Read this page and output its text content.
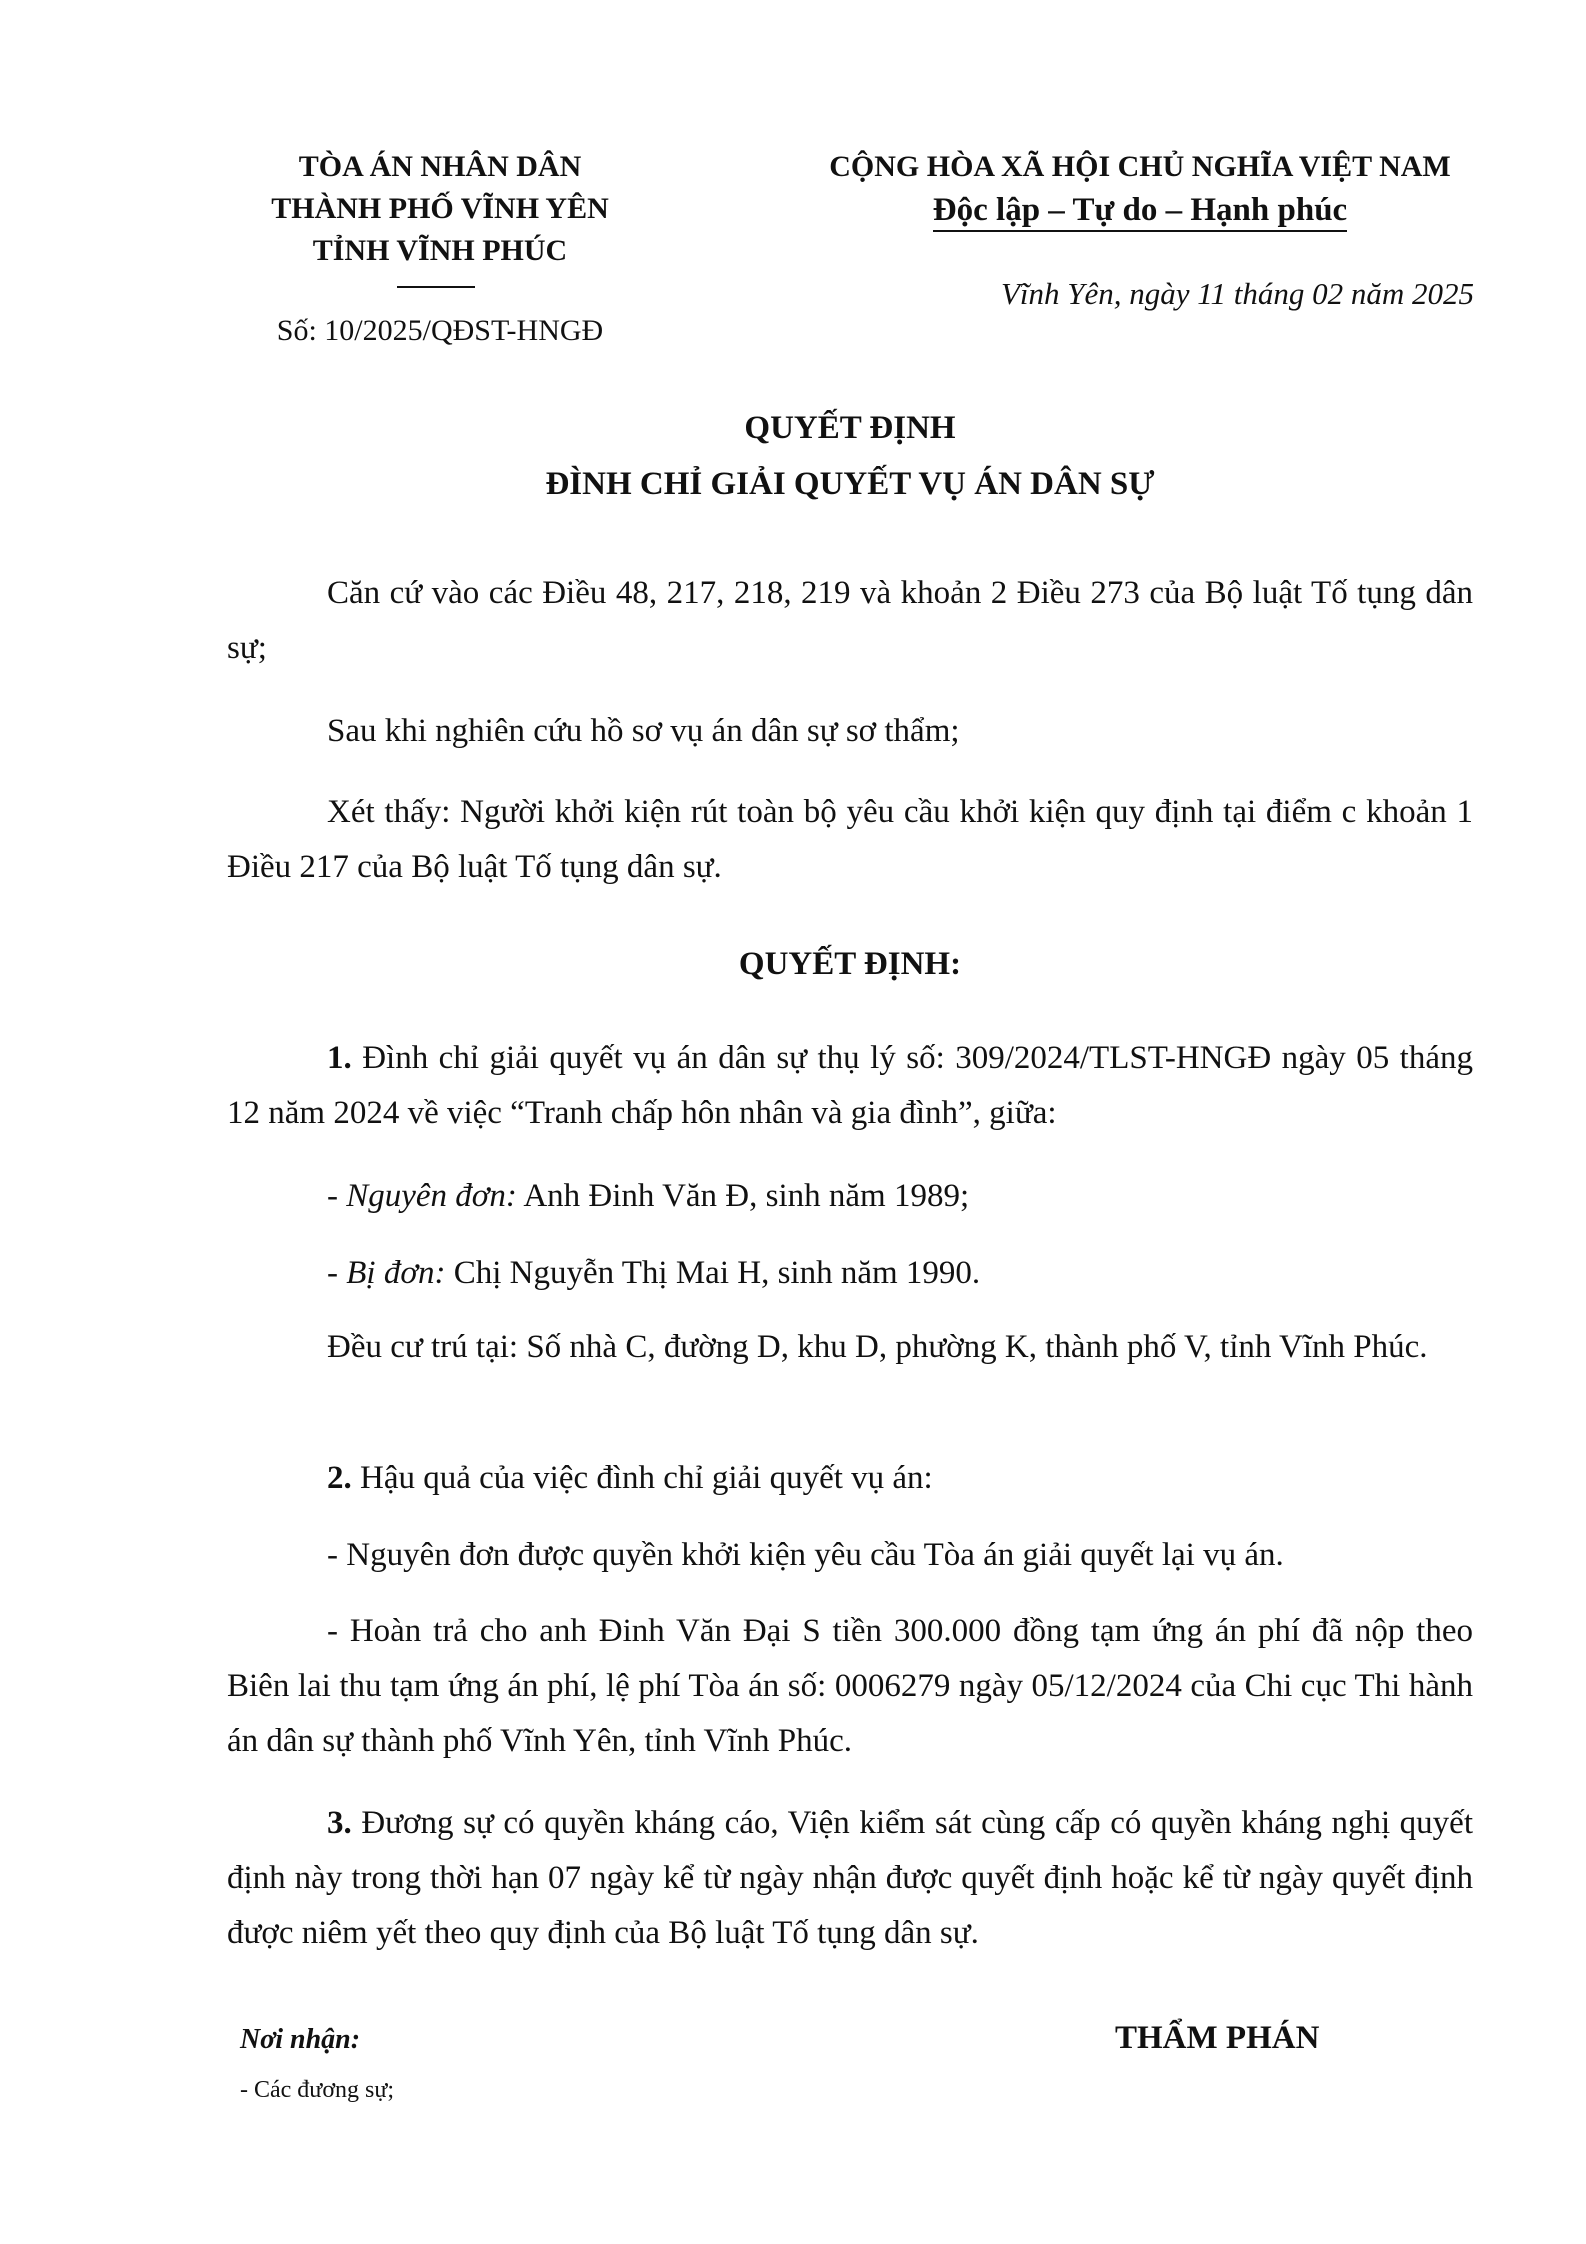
TÒA ÁN NHÂN DÂN
THÀNH PHỐ VĨNH YÊN
TỈNH VĨNH PHÚC
Số: 10/2025/QĐST-HNGĐ
CỘNG HÒA XÃ HỘI CHỦ NGHĨA VIỆT NAM
Độc lập – Tự do – Hạnh phúc
Vĩnh Yên, ngày 11 tháng 02 năm 2025
QUYẾT ĐỊNH
ĐÌNH CHỈ GIẢI QUYẾT VỤ ÁN DÂN SỰ
Căn cứ vào các Điều 48, 217, 218, 219 và khoản 2 Điều 273 của Bộ luật Tố tụng dân sự;
Sau khi nghiên cứu hồ sơ vụ án dân sự sơ thẩm;
Xét thấy: Người khởi kiện rút toàn bộ yêu cầu khởi kiện quy định tại điểm c khoản 1 Điều 217 của Bộ luật Tố tụng dân sự.
QUYẾT ĐỊNH:
1. Đình chỉ giải quyết vụ án dân sự thụ lý số: 309/2024/TLST-HNGĐ ngày 05 tháng 12 năm 2024 về việc “Tranh chấp hôn nhân và gia đình”, giữa:
- Nguyên đơn: Anh Đinh Văn Đ, sinh năm 1989;
- Bị đơn: Chị Nguyễn Thị Mai H, sinh năm 1990.
Đều cư trú tại: Số nhà C, đường D, khu D, phường K, thành phố V, tỉnh Vĩnh Phúc.
2. Hậu quả của việc đình chỉ giải quyết vụ án:
- Nguyên đơn được quyền khởi kiện yêu cầu Tòa án giải quyết lại vụ án.
- Hoàn trả cho anh Đinh Văn Đại S tiền 300.000 đồng tạm ứng án phí đã nộp theo Biên lai thu tạm ứng án phí, lệ phí Tòa án số: 0006279 ngày 05/12/2024 của Chi cục Thi hành án dân sự thành phố Vĩnh Yên, tỉnh Vĩnh Phúc.
3. Đương sự có quyền kháng cáo, Viện kiểm sát cùng cấp có quyền kháng nghị quyết định này trong thời hạn 07 ngày kể từ ngày nhận được quyết định hoặc kể từ ngày quyết định được niêm yết theo quy định của Bộ luật Tố tụng dân sự.
Nơi nhận:
- Các đương sự;
THẨM PHÁN
